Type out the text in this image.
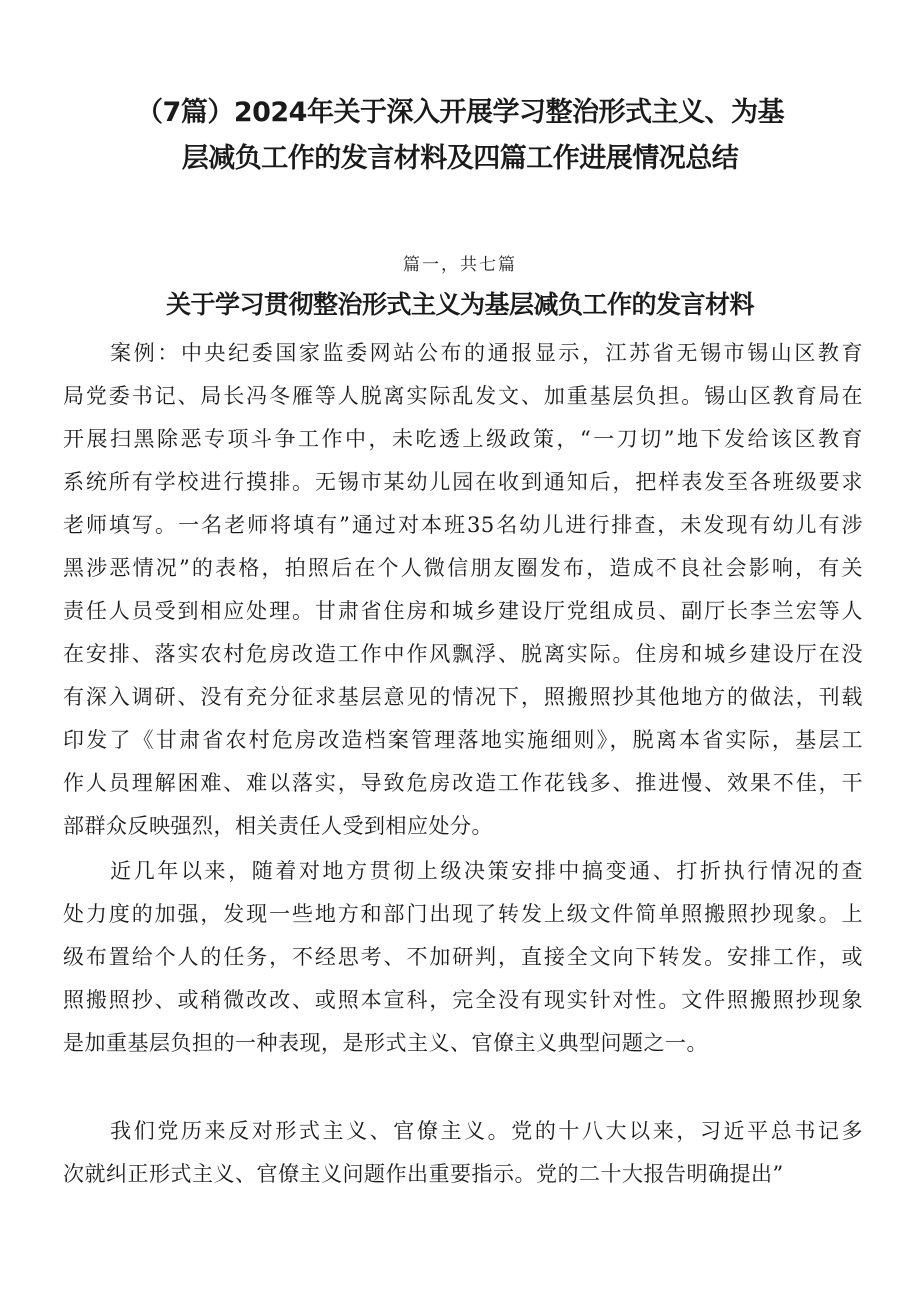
（7篇）2024年关于深入开展学习整治形式主义、为基
层减负工作的发言材料及四篇工作进展情况总结
篇一，共七篇
关于学习贯彻整治形式主义为基层减负工作的发言材料
　　案例：中央纪委国家监委网站公布的通报显示，江苏省无锡市锡山区教育
局党委书记、局长冯冬雁等人脱离实际乱发文、加重基层负担。锡山区教育局在
开展扫黑除恶专项斗争工作中，未吃透上级政策，“一刀切”地下发给该区教育
系统所有学校进行摸排。无锡市某幼儿园在收到通知后，把样表发至各班级要求
老师填写。一名老师将填有”通过对本班35名幼儿进行排查，未发现有幼儿有涉
黑涉恶情况”的表格，拍照后在个人微信朋友圈发布，造成不良社会影响，有关
责任人员受到相应处理。甘肃省住房和城乡建设厅党组成员、副厅长李兰宏等人
在安排、落实农村危房改造工作中作风飘浮、脱离实际。住房和城乡建设厅在没
有深入调研、没有充分征求基层意见的情况下，照搬照抄其他地方的做法，刊载
印发了《甘肃省农村危房改造档案管理落地实施细则》，脱离本省实际，基层工
作人员理解困难、难以落实，导致危房改造工作花钱多、推进慢、效果不佳，干
部群众反映强烈，相关责任人受到相应处分。
　　近几年以来，随着对地方贯彻上级决策安排中搞变通、打折执行情况的查
处力度的加强，发现一些地方和部门出现了转发上级文件简单照搬照抄现象。上
级布置给个人的任务，不经思考、不加研判，直接全文向下转发。安排工作，或
照搬照抄、或稍微改改、或照本宣科，完全没有现实针对性。文件照搬照抄现象
是加重基层负担的一种表现，是形式主义、官僚主义典型问题之一。
　　我们党历来反对形式主义、官僚主义。党的十八大以来，习近平总书记多
次就纠正形式主义、官僚主义问题作出重要指示。党的二十大报告明确提出”
